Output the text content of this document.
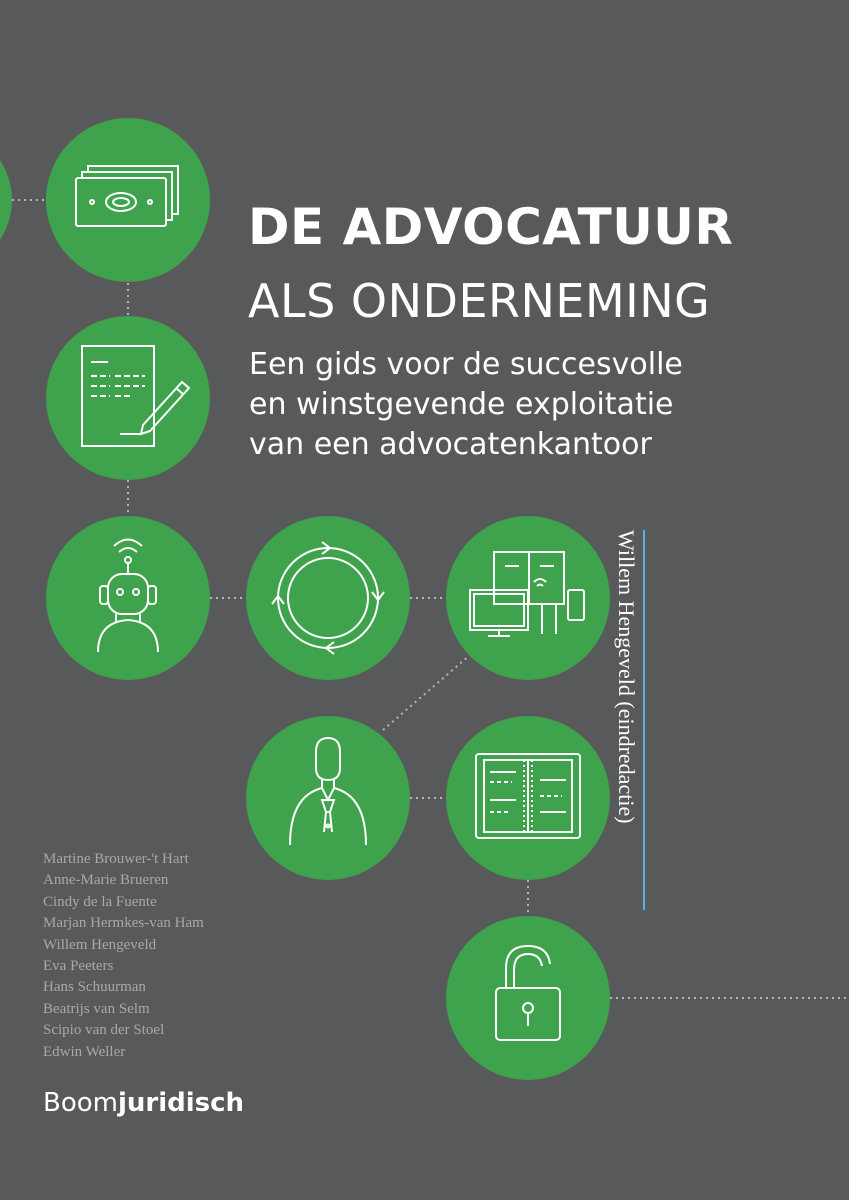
DE ADVOCATUUR
ALS ONDERNEMING

Een gids voor de succesvolle
en winstgevende exploitatie
van een advocatenkantoor

Willem Hengeveld (eindredactie)
Martine Brouwer-'t Hart
Anne-Marie Brueren
Cindy de la Fuente
Marjan Hermkes-van Ham
Willem Hengeveld
Eva Peeters
Hans Schuurman
Beatrijs van Selm
Scipio van der Stoel
Edwin Weller
Boomjuridisch
